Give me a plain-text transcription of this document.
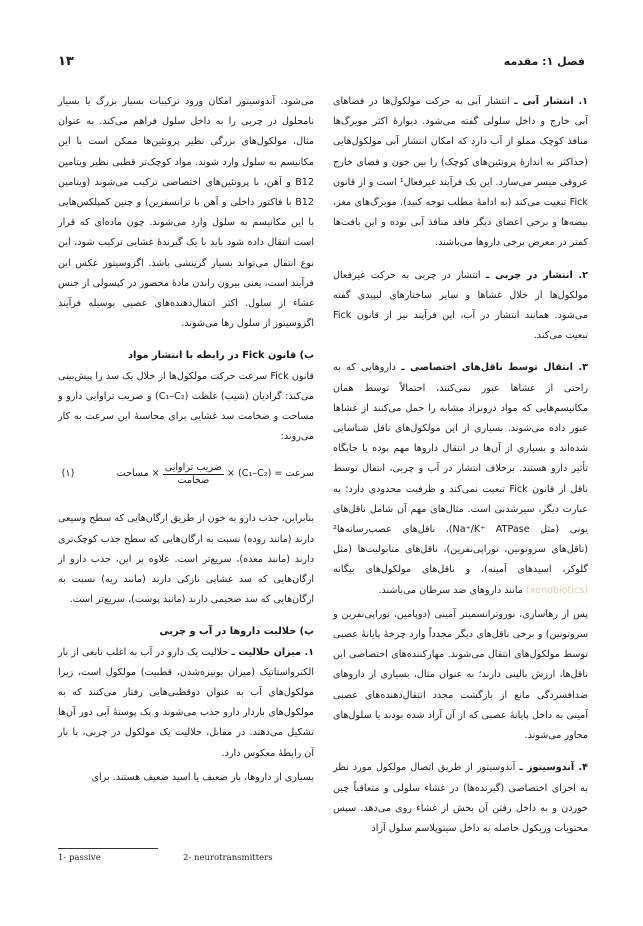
فصل ۱: مقدمه
۱۳

۱. انتشار آبی ـ انتشار آبی به حرکت مولکول‌ها در فضاهای آبی خارج و داخل سلولی گفته می‌شود. دیوارهٔ اکثر مویرگ‌ها منافذ کوچک مملو از آب دارد که امکان انتشار آبی مولکول‌هایی (حداکثر به اندازهٔ پروتئین‌های کوچک) را بین خون و فضای خارج عروقی میسر می‌سازد. این یک فرآیند غیرفعال¹ است و از قانون Fick تبعیت می‌کند (به ادامهٔ مطلب توجه کنید). مویرگ‌های مغز، بیضه‌ها و برخی اعضای دیگر فاقد منافذ آبی بوده و این بافت‌ها کمتر در معرض برخی داروها می‌باشند.

۲. انتشار در چربی ـ انتشار در چربی به حرکت غیرفعال مولکول‌ها از خلال غشاها و سایر ساختارهای لیپیدی گفته می‌شود. همانند انتشار در آب، این فرآیند نیز از قانون Fick تبعیت می‌کند.

۳. انتقال توسط ناقل‌های اختصاصی ـ داروهایی که به راحتی از غشاها عبور نمی‌کنند، احتمالاً توسط همان مکانیسم‌هایی که مواد درونزاد مشابه را حمل می‌کنند از غشاها عبور داده می‌شوند. بسیاری از این مولکول‌های ناقل شناسایی شده‌اند و بسیاری از آن‌ها در انتقال داروها مهم بوده یا جایگاه تأثیر دارو هستند. برخلاف انتشار در آب و چربی، انتقال توسط ناقل از قانون Fick تبعیت نمی‌کند و ظرفیت محدودی دارد؛ به عبارت دیگر، سیرشدنی است. مثال‌های مهم آن شامل ناقل‌های یونی (مثل Na⁺/K⁺ ATPase)، ناقل‌های عصب‌رسانه‌ها² (ناقل‌های سروتونین، نوراپی‌نفرین)، ناقل‌های متابولیت‌ها (مثل گلوکز، اسیدهای آمینه)، و ناقل‌های مولکول‌های بیگانه (xenobiotics) مانند داروهای ضد سرطان می‌باشند.

پس از رهاسازی، نوروترانسمیتر آمینی (دوپامین، نوراپی‌نفرین و سروتونین) و برخی ناقل‌های دیگر مجدداً وارد چرخهٔ پایانهٔ عصبی توسط مولکول‌های انتقال می‌شوند. مهارکننده‌های اختصاصی این ناقل‌ها، ارزش بالینی دارند؛ به عنوان مثال، بسیاری از داروهای ضدافسردگی مانع از بازگشت مجدد انتقال‌دهنده‌های عصبی آمینی به داخل پایانهٔ عصبی که از آن آزاد شده بودند یا سلول‌های مجاور می‌شوند.

۴. آندوسیتوز ـ آندوسیتوز از طریق اتصال مولکول مورد نظر به اجزای اختصاصی (گیرنده‌ها) در غشاء سلولی و متعاقباً چین خوردن و به داخل رفتن آن بخش از غشاء روی می‌دهد. سپس محتویات وزیکول حاصله به داخل سیتوپلاسم سلول آزاد

می‌شود. آندوسیتوز امکان ورود ترکیبات بسیار بزرگ یا بسیار نامحلول در چربی را به داخل سلول فراهم می‌کند. به عنوان مثال، مولکول‌های بزرگی نظیر پروتئین‌ها ممکن است با این مکانیسم به سلول وارد شوند. مواد کوچک‌تر قطبی نظیر ویتامین B12 و آهن، با پروتئین‌های اختصاصی ترکیب می‌شوند (ویتامین B12 با فاکتور داخلی و آهن با ترانسفرین) و چنین کمپلکس‌هایی با این مکانیسم به سلول وارد می‌شوند. چون ماده‌ای که قرار است انتقال داده شود باید با یک گیرندهٔ غشایی ترکیب شود، این نوع انتقال می‌تواند بسیار گزینشی باشد. اگزوسیتوز عکس این فرآیند است، یعنی بیرون راندن مادهٔ محصور در کپسولی از جنس غشاء از سلول. اکثر انتقال‌دهنده‌های عصبی بوسیله فرآیند اگزوسیتوز از سلول رها می‌شوند.

ب) قانون Fick در رابطه با انتشار مواد

قانون Fick سرعت حرکت مولکول‌ها از خلال یک سد را پیش‌بینی می‌کند: گرادیان (شیب) غلظت (C₁–C₂) و ضریب تراوایی دارو و مساحت و ضخامت سد غشایی برای محاسبهٔ این سرعت به کار می‌روند:

سرعت = (C₁–C₂) ×
$\frac{\text{ضریب تراوایی}}{\text{ضخامت}}$
× مساحت
(۱)

بنابراین، جذب دارو به خون از طریق ارگان‌هایی که سطح وسیعی دارند (مانند روده) نسبت به ارگان‌هایی که سطح جذب کوچک‌تری دارند (مانند معده)، سریع‌تر است. علاوه بر این، جذب دارو از ارگان‌هایی که سد غشایی نازکی دارند (مانند ریه) نسبت به ارگان‌هایی که سد ضخیمی دارند (مانند پوست)، سریع‌تر است.

پ) حلالیت داروها در آب و چربی

۱. میزان حلالیت ـ حلالیت یک دارو در آب به اغلب تابعی از بار الکترواستاتیک (میزان یونیزه‌شدن، قطبیت) مولکول است، زیرا مولکول‌های آب به عنوان دوقطبی‌هایی رفتار می‌کنند که به مولکول‌های باردار دارو جذب می‌شوند و یک پوستهٔ آبی دور آن‌ها تشکیل می‌دهند. در مقابل، حلالیت یک مولکول در چربی، با بار آن رابطهٔ معکوس دارد.

بسیاری از داروها، باز ضعیف یا اسید ضعیف هستند. برای

1- passive	2- neurotransmitters
